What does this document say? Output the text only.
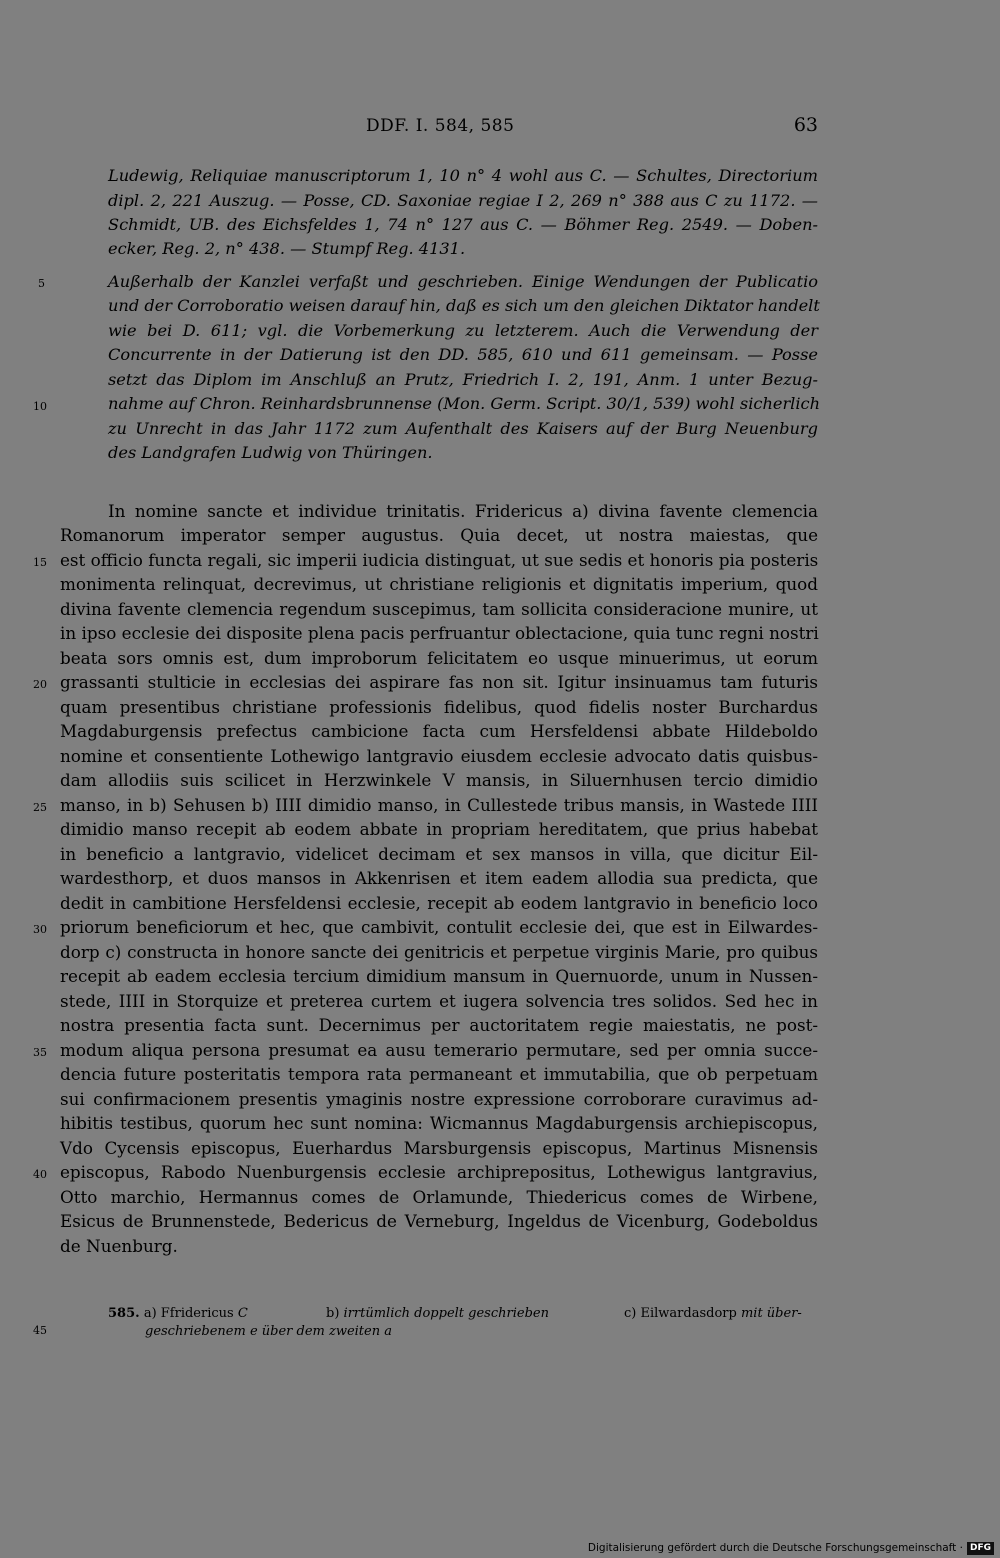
DDF. I. 584, 585	63
Ludewig, Reliquiae manuscriptorum 1, 10 n° 4 wohl aus C. — Schultes, Directorium
dipl. 2, 221 Auszug. — Posse, CD. Saxoniae regiae I 2, 269 n° 388 aus C zu 1172. —
Schmidt, UB. des Eichsfeldes 1, 74 n° 127 aus C. — Böhmer Reg. 2549. — Doben-
ecker, Reg. 2, n° 438. — Stumpf Reg. 4131.
Außerhalb der Kanzlei verfaßt und geschrieben. Einige Wendungen der Publicatio
und der Corroboratio weisen darauf hin, daß es sich um den gleichen Diktator handelt
wie bei D. 611; vgl. die Vorbemerkung zu letzterem. Auch die Verwendung der
Concurrente in der Datierung ist den DD. 585, 610 und 611 gemeinsam. — Posse
setzt das Diplom im Anschluß an Prutz, Friedrich I. 2, 191, Anm. 1 unter Bezug-
nahme auf Chron. Reinhardsbrunnense (Mon. Germ. Script. 30/1, 539) wohl sicherlich
zu Unrecht in das Jahr 1172 zum Aufenthalt des Kaisers auf der Burg Neuenburg
des Landgrafen Ludwig von Thüringen.
In nomine sancte et individue trinitatis. Fridericus a) divina favente clemencia
Romanorum imperator semper augustus. Quia decet, ut nostra maiestas, que
est officio functa regali, sic imperii iudicia distinguat, ut sue sedis et honoris pia posteris
monimenta relinquat, decrevimus, ut christiane religionis et dignitatis imperium, quod
divina favente clemencia regendum suscepimus, tam sollicita consideracione munire, ut
in ipso ecclesie dei disposite plena pacis perfruantur oblectacione, quia tunc regni nostri
beata sors omnis est, dum improborum felicitatem eo usque minuerimus, ut eorum
grassanti stulticie in ecclesias dei aspirare fas non sit. Igitur insinuamus tam futuris
quam presentibus christiane professionis fidelibus, quod fidelis noster Burchardus
Magdaburgensis prefectus cambicione facta cum Hersfeldensi abbate Hildeboldo
nomine et consentiente Lothewigo lantgravio eiusdem ecclesie advocato datis quisbus-
dam allodiis suis scilicet in Herzwinkele V mansis, in Siluernhusen tercio dimidio
manso, in b) Sehusen b) IIII dimidio manso, in Cullestede tribus mansis, in Wastede IIII
dimidio manso recepit ab eodem abbate in propriam hereditatem, que prius habebat
in beneficio a lantgravio, videlicet decimam et sex mansos in villa, que dicitur Eil-
wardesthorp, et duos mansos in Akkenrisen et item eadem allodia sua predicta, que
dedit in cambitione Hersfeldensi ecclesie, recepit ab eodem lantgravio in beneficio loco
priorum beneficiorum et hec, que cambivit, contulit ecclesie dei, que est in Eilwardes-
dorp c) constructa in honore sancte dei genitricis et perpetue virginis Marie, pro quibus
recepit ab eadem ecclesia tercium dimidium mansum in Quernuorde, unum in Nussen-
stede, IIII in Storquize et preterea curtem et iugera solvencia tres solidos. Sed hec in
nostra presentia facta sunt. Decernimus per auctoritatem regie maiestatis, ne post-
modum aliqua persona presumat ea ausu temerario permutare, sed per omnia succe-
dencia future posteritatis tempora rata permaneant et immutabilia, que ob perpetuam
sui confirmacionem presentis ymaginis nostre expressione corroborare curavimus ad-
hibitis testibus, quorum hec sunt nomina: Wicmannus Magdaburgensis archiepiscopus,
Vdo Cycensis episcopus, Euerhardus Marsburgensis episcopus, Martinus Misnensis
episcopus, Rabodo Nuenburgensis ecclesie archiprepositus, Lothewigus lantgravius,
Otto marchio, Hermannus comes de Orlamunde, Thiedericus comes de Wirbene,
Esicus de Brunnenstede, Bedericus de Verneburg, Ingeldus de Vicenburg, Godeboldus
de Nuenburg.
5
10
15
20
25
30
35
40
45
585. a) Ffridericus C	b) irrtümlich doppelt geschrieben	c) Eilwardasdorp mit über-
geschriebenem e über dem zweiten a
Digitalisierung gefördert durch die Deutsche Forschungsgemeinschaft · DFG
